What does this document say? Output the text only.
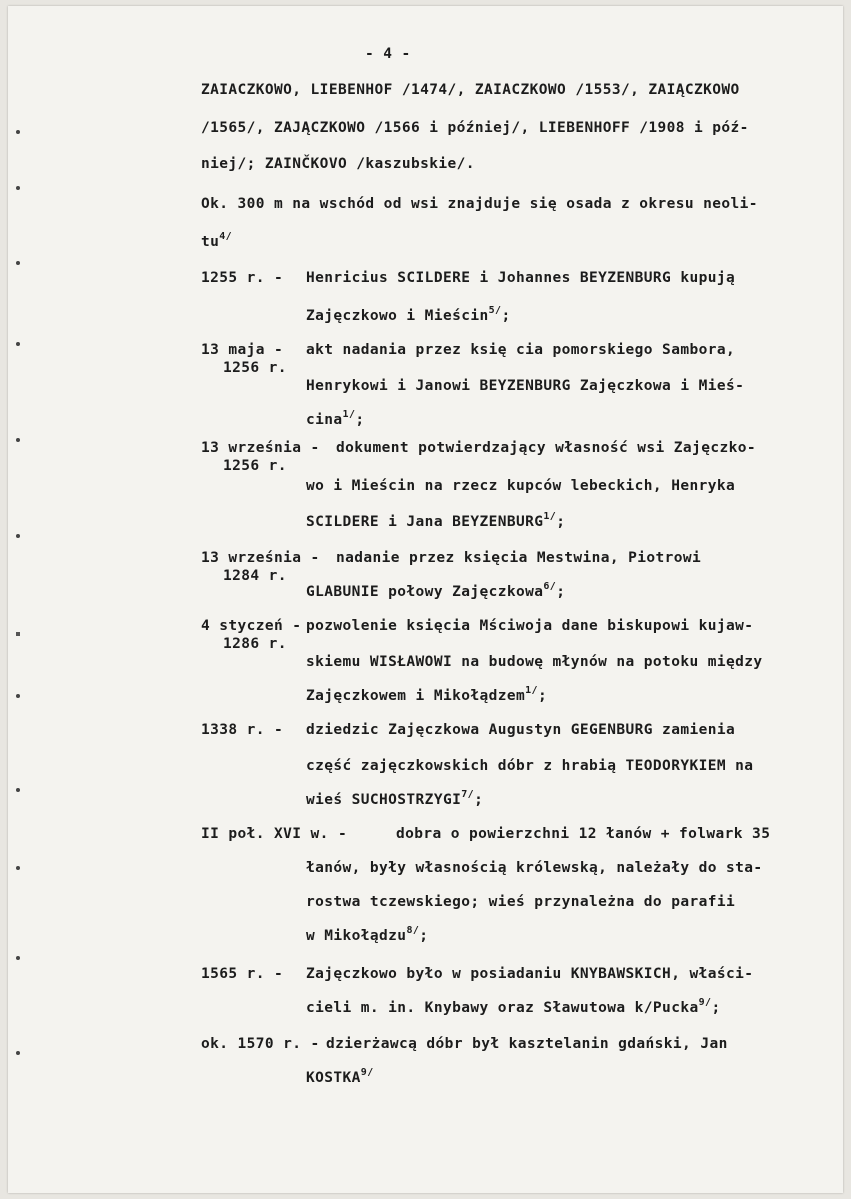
- 4 -
ZAIACZKOWO, LIEBENHOF /1474/, ZAIACZKOWO /1553/, ZAIĄCZKOWO
/1565/, ZAJĄCZKOWO /1566 i później/, LIEBENHOFF /1908 i póź-
niej/; ZAINČKOVO /kaszubskie/.
Ok. 300 m na wschód od wsi znajduje się osada z okresu neoli-
$tu^{4/}$
1255 r. - Henricius SCILDERE i Johannes BEYZENBURG kupują
Zajęczkowo i Mieścin$^{5/}$;
13 maja -
1256 r.
akt nadania przez księ cia pomorskiego Sambora,
Henrykowi i Janowi BEYZENBURG Zajęczkowa i Mieś-
cina$^{1/}$;
13 września -
1256 r.
dokument potwierdzający własność wsi Zajęczko-
wo i Mieścin na rzecz kupców lebeckich, Henryka
SCILDERE i Jana $BEYZENBURG^{1/}$;
13 września -
1284 r.
nadanie przez księcia Mestwina, Piotrowi
GLABUNIE połowy Zajęczkowa$^{6/}$;
4 styczeń -
1286 r.
pozwolenie księcia Mściwoja dane biskupowi kujaw-
skiemu WISŁAWOWI na budowę młynów na potoku między
Zajęczkowem i Mikołądzem$^{1/}$;
1338 r. - dziedzic Zajęczkowa Augustyn GEGENBURG zamienia
część zajęczkowskich dóbr z hrabią TEODORYKIEM na
wieś $SUCHOSTRZYGI^{7/}$;
II poł. XVI w. -	dobra o powierzchni 12 łanów + folwark 35
łanów, były własnością królewską, należały do sta-
rostwa tczewskiego; wieś przynależna do parafii
w Mikołądzu$^{8/}$;
1565 r. - Zajęczkowo było w posiadaniu KNYBAWSKICH, właści-
cieli m. in. Knybawy oraz Sławutowa k/Pucka$^{9/}$;
ok. 1570 r. - dzierżawcą dóbr był kasztelanin gdański, Jan
$KOSTKA^{9/}$
